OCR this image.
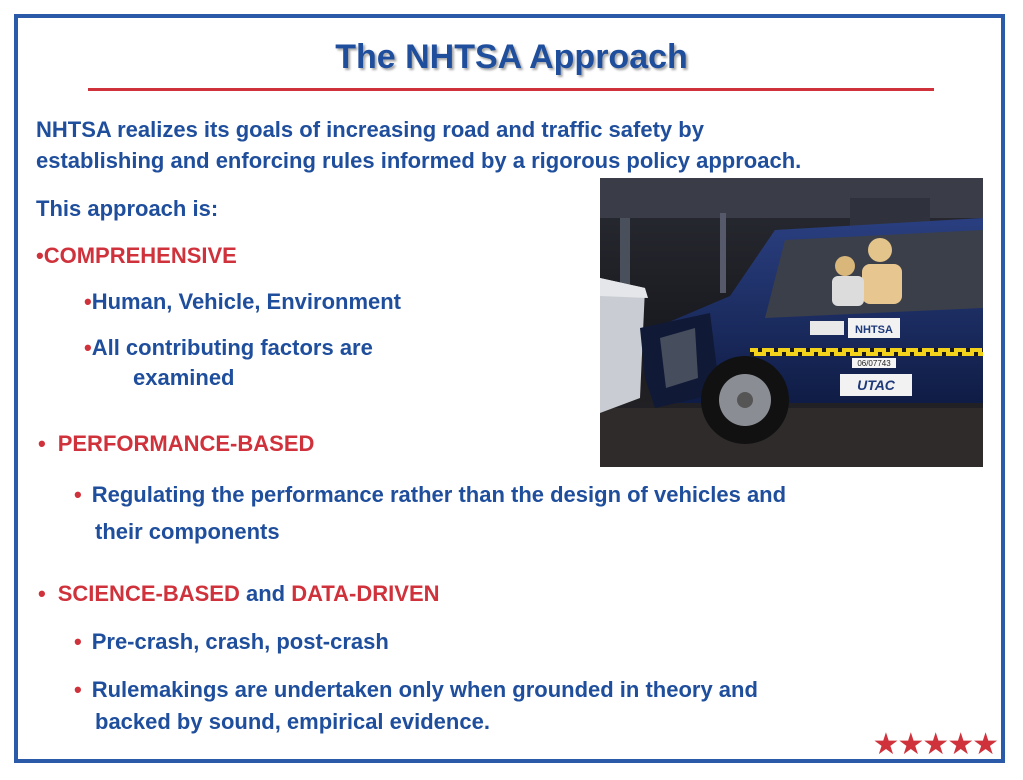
The NHTSA Approach
NHTSA realizes its goals of increasing road and traffic safety by
establishing and enforcing rules informed by a rigorous policy approach.
This approach is:
•COMPREHENSIVE
•Human, Vehicle, Environment
•All contributing factors are
examined
• PERFORMANCE-BASED
• Regulating the performance rather than the design of vehicles and
their components
• SCIENCE-BASED and DATA-DRIVEN
• Pre-crash, crash, post-crash
• Rulemakings are undertaken only when grounded in theory and
backed by sound, empirical evidence.
NHTSA
06/07743
UTAC
★★★★★
